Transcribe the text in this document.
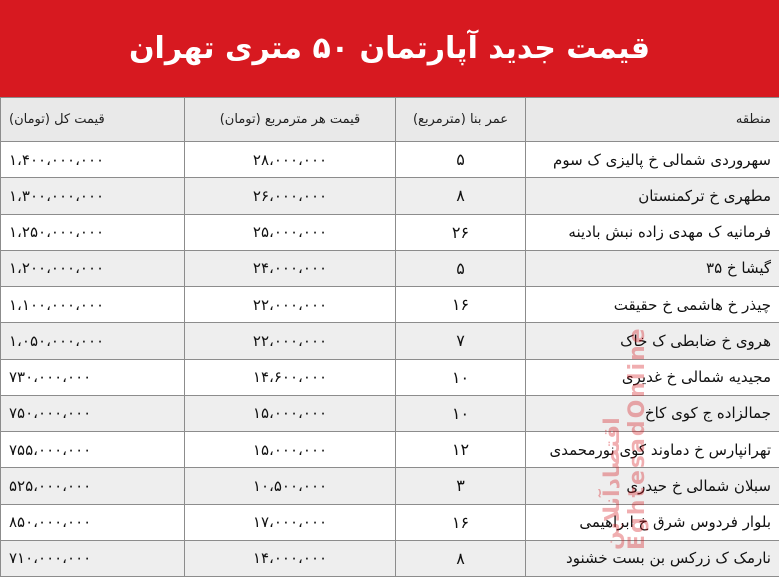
قیمت جدید آپارتمان ۵۰ متری تهران
منطقه	عمر بنا (مترمربع)	قیمت هر مترمربع (تومان)	قیمت کل (تومان)
سهروردی شمالی خ پالیزی ک سوم	۵	۲۸،۰۰۰،۰۰۰	۱،۴۰۰،۰۰۰،۰۰۰
مطهری خ ترکمنستان	۸	۲۶،۰۰۰،۰۰۰	۱،۳۰۰،۰۰۰،۰۰۰
فرمانیه ک مهدی زاده نبش بادینه	۲۶	۲۵،۰۰۰،۰۰۰	۱،۲۵۰،۰۰۰،۰۰۰
گیشا خ ۳۵	۵	۲۴،۰۰۰،۰۰۰	۱،۲۰۰،۰۰۰،۰۰۰
چیذر خ هاشمی خ حقیقت	۱۶	۲۲،۰۰۰،۰۰۰	۱،۱۰۰،۰۰۰،۰۰۰
هروی خ ضابطی ک خاک	۷	۲۲،۰۰۰،۰۰۰	۱،۰۵۰،۰۰۰،۰۰۰
مجیدیه شمالی خ غدیری	۱۰	۱۴،۶۰۰،۰۰۰	۷۳۰،۰۰۰،۰۰۰
جمالزاده ج کوی کاخ	۱۰	۱۵،۰۰۰،۰۰۰	۷۵۰،۰۰۰،۰۰۰
تهرانپارس خ دماوند کوی نورمحمدی	۱۲	۱۵،۰۰۰،۰۰۰	۷۵۵،۰۰۰،۰۰۰
سبلان شمالی خ حیدری	۳	۱۰،۵۰۰،۰۰۰	۵۲۵،۰۰۰،۰۰۰
بلوار فردوس شرق خ ابراهیمی	۱۶	۱۷،۰۰۰،۰۰۰	۸۵۰،۰۰۰،۰۰۰
نارمک ک زرکس بن بست خشنود	۸	۱۴،۰۰۰،۰۰۰	۷۱۰،۰۰۰،۰۰۰
اقتصادآنلاین EghtesadOnline
